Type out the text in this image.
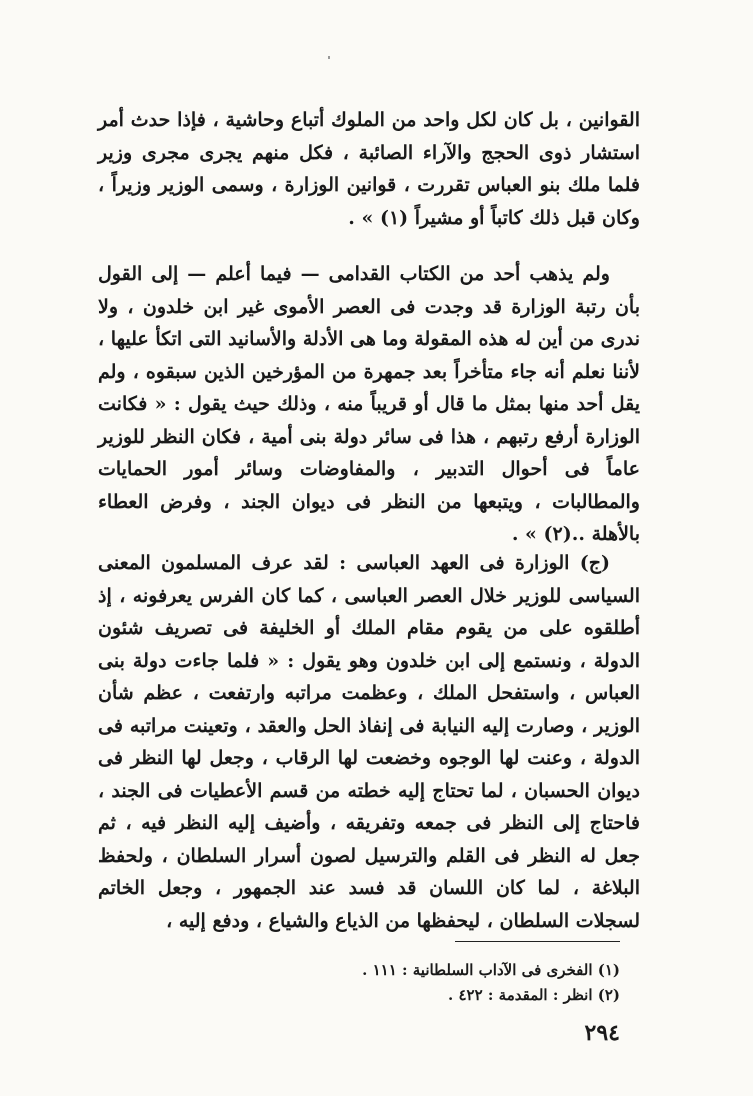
القوانين ، بل كان لكل واحد من الملوك أتباع وحاشية ، فإذا حدث أمر استشار ذوى الحجج والآراء الصائبة ، فكل منهم يجرى مجرى وزير فلما ملك بنو العباس تقررت ، قوانين الوزارة ، وسمى الوزير وزيراً ، وكان قبل ذلك كاتباً أو مشيراً (١) » .

ولم يذهب أحد من الكتاب القدامى — فيما أعلم — إلى القول بأن رتبة الوزارة قد وجدت فى العصر الأموى غير ابن خلدون ، ولا ندرى من أين له هذه المقولة وما هى الأدلة والأسانيد التى اتكأ عليها ، لأننا نعلم أنه جاء متأخراً بعد جمهرة من المؤرخين الذين سبقوه ، ولم يقل أحد منها بمثل ما قال أو قريباً منه ، وذلك حيث يقول : « فكانت الوزارة أرفع رتبهم ، هذا فى سائر دولة بنى أمية ، فكان النظر للوزير عاماً فى أحوال التدبير ، والمفاوضات وسائر أمور الحمايات والمطالبات ، ويتبعها من النظر فى ديوان الجند ، وفرض العطاء بالأهلة ..(٢) » .

(ج) الوزارة فى العهد العباسى : لقد عرف المسلمون المعنى السياسى للوزير خلال العصر العباسى ، كما كان الفرس يعرفونه ، إذ أطلقوه على من يقوم مقام الملك أو الخليفة فى تصريف شئون الدولة ، ونستمع إلى ابن خلدون وهو يقول : « فلما جاءت دولة بنى العباس ، واستفحل الملك ، وعظمت مراتبه وارتفعت ، عظم شأن الوزير ، وصارت إليه النيابة فى إنفاذ الحل والعقد ، وتعينت مراتبه فى الدولة ، وعنت لها الوجوه وخضعت لها الرقاب ، وجعل لها النظر فى ديوان الحسبان ، لما تحتاج إليه خطته من قسم الأعطيات فى الجند ، فاحتاج إلى النظر فى جمعه وتفريقه ، وأضيف إليه النظر فيه ، ثم جعل له النظر فى القلم والترسيل لصون أسرار السلطان ، ولحفظ البلاغة ، لما كان اللسان قد فسد عند الجمهور ، وجعل الخاتم لسجلات السلطان ، ليحفظها من الذياع والشياع ، ودفع إليه ،

(١) الفخرى فى الآداب السلطانية : ١١١ .
(٢) انظر : المقدمة : ٤٢٢ .
٢٩٤
